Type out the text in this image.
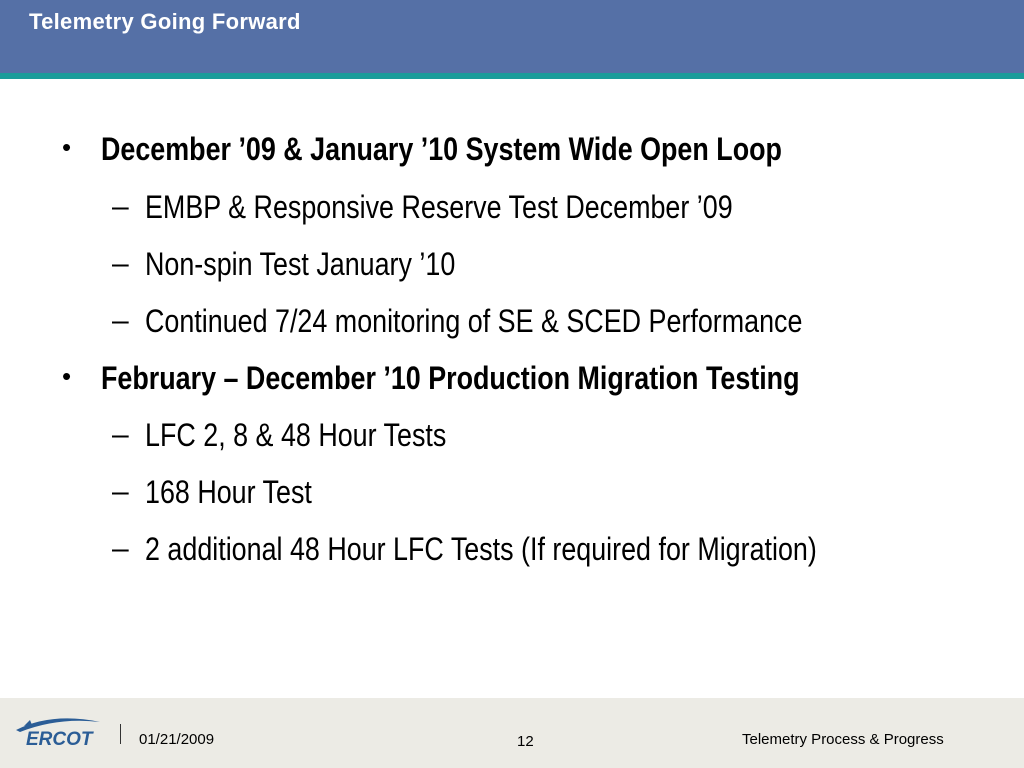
Telemetry Going Forward
• December ’09 & January ’10 System Wide Open Loop
– EMBP & Responsive Reserve Test December ’09
– Non-spin Test January ’10
– Continued 7/24 monitoring of SE & SCED Performance
• February – December ’10 Production Migration Testing
– LFC 2, 8 & 48 Hour Tests
– 168 Hour Test
– 2 additional 48 Hour LFC Tests (If required for Migration)
ERCOT	01/21/2009	12	Telemetry Process & Progress
